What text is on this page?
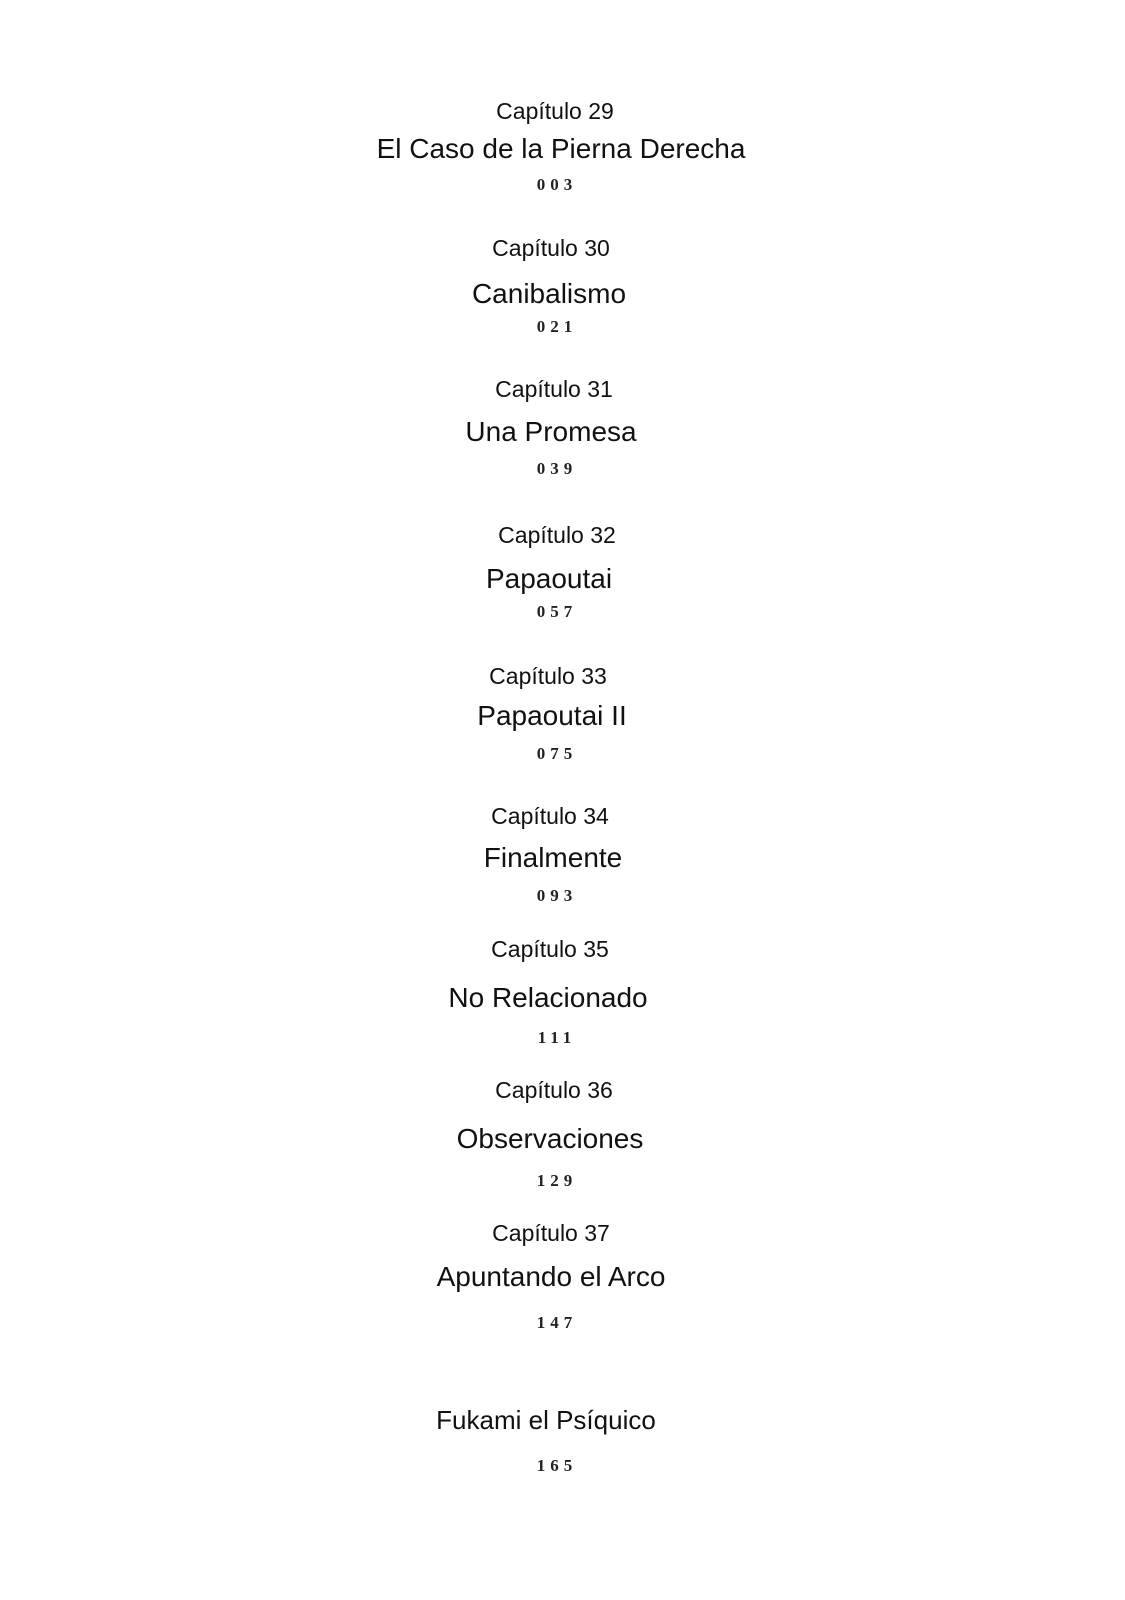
Capítulo 29
El Caso de la Pierna Derecha
003
Capítulo 30
Canibalismo
021
Capítulo 31
Una Promesa
039
Capítulo 32
Papaoutai
057
Capítulo 33
Papaoutai II
075
Capítulo 34
Finalmente
093
Capítulo 35
No Relacionado
111
Capítulo 36
Observaciones
129
Capítulo 37
Apuntando el Arco
147
Fukami el Psíquico
165
